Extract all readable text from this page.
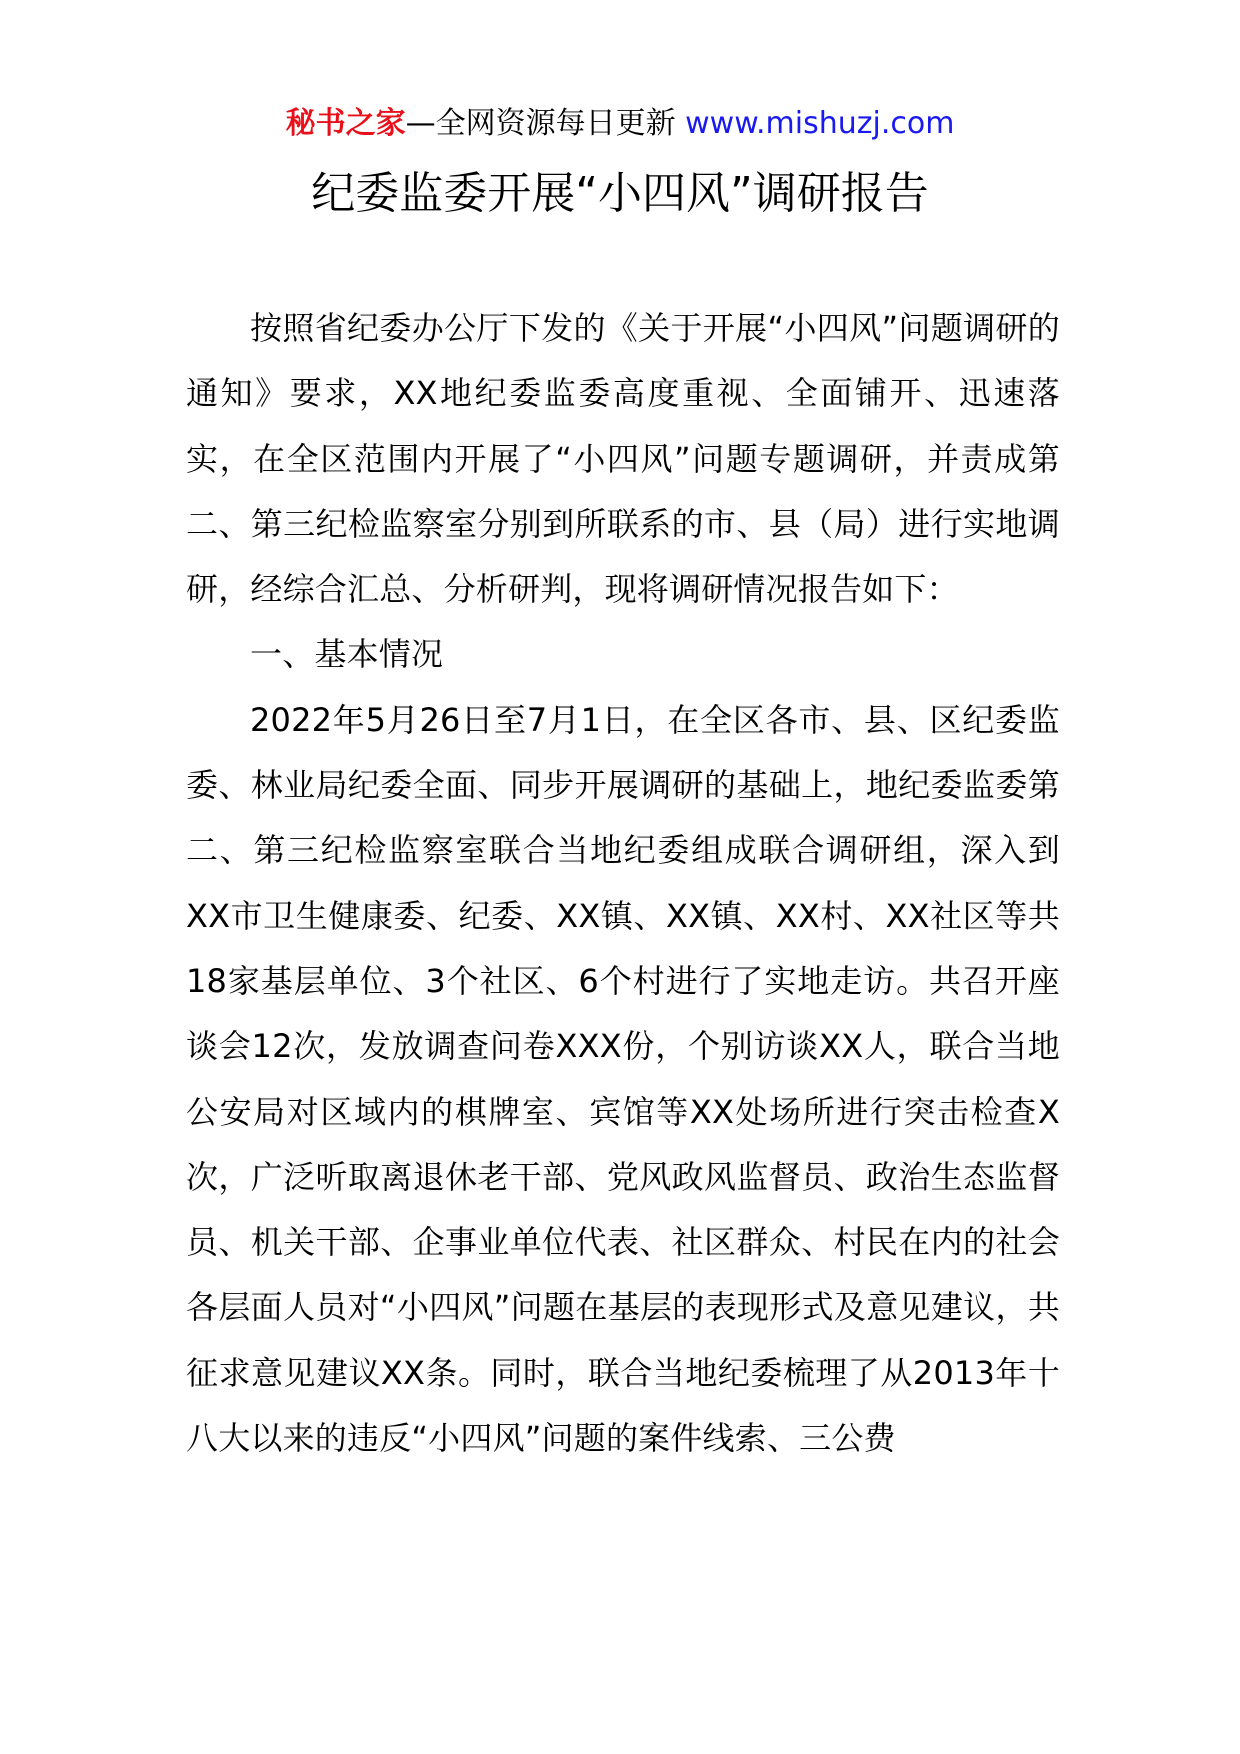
秘书之家—全网资源每日更新 www.mishuzj.com
纪委监委开展“小四风”调研报告

按照省纪委办公厅下发的《关于开展“小四风”问题调研的通知》要求，XX地纪委监委高度重视、全面铺开、迅速落实，在全区范围内开展了“小四风”问题专题调研，并责成第二、第三纪检监察室分别到所联系的市、县（局）进行实地调研，经综合汇总、分析研判，现将调研情况报告如下：

一、基本情况

2022年5月26日至7月1日，在全区各市、县、区纪委监委、林业局纪委全面、同步开展调研的基础上，地纪委监委第二、第三纪检监察室联合当地纪委组成联合调研组，深入到XX市卫生健康委、纪委、XX镇、XX镇、XX村、XX社区等共18家基层单位、3个社区、6个村进行了实地走访。共召开座谈会12次，发放调查问卷XXX份，个别访谈XX人，联合当地公安局对区域内的棋牌室、宾馆等XX处场所进行突击检查X次，广泛听取离退休老干部、党风政风监督员、政治生态监督员、机关干部、企事业单位代表、社区群众、村民在内的社会各层面人员对“小四风”问题在基层的表现形式及意见建议，共征求意见建议XX条。同时，联合当地纪委梳理了从2013年十八大以来的违反“小四风”问题的案件线索、三公费
